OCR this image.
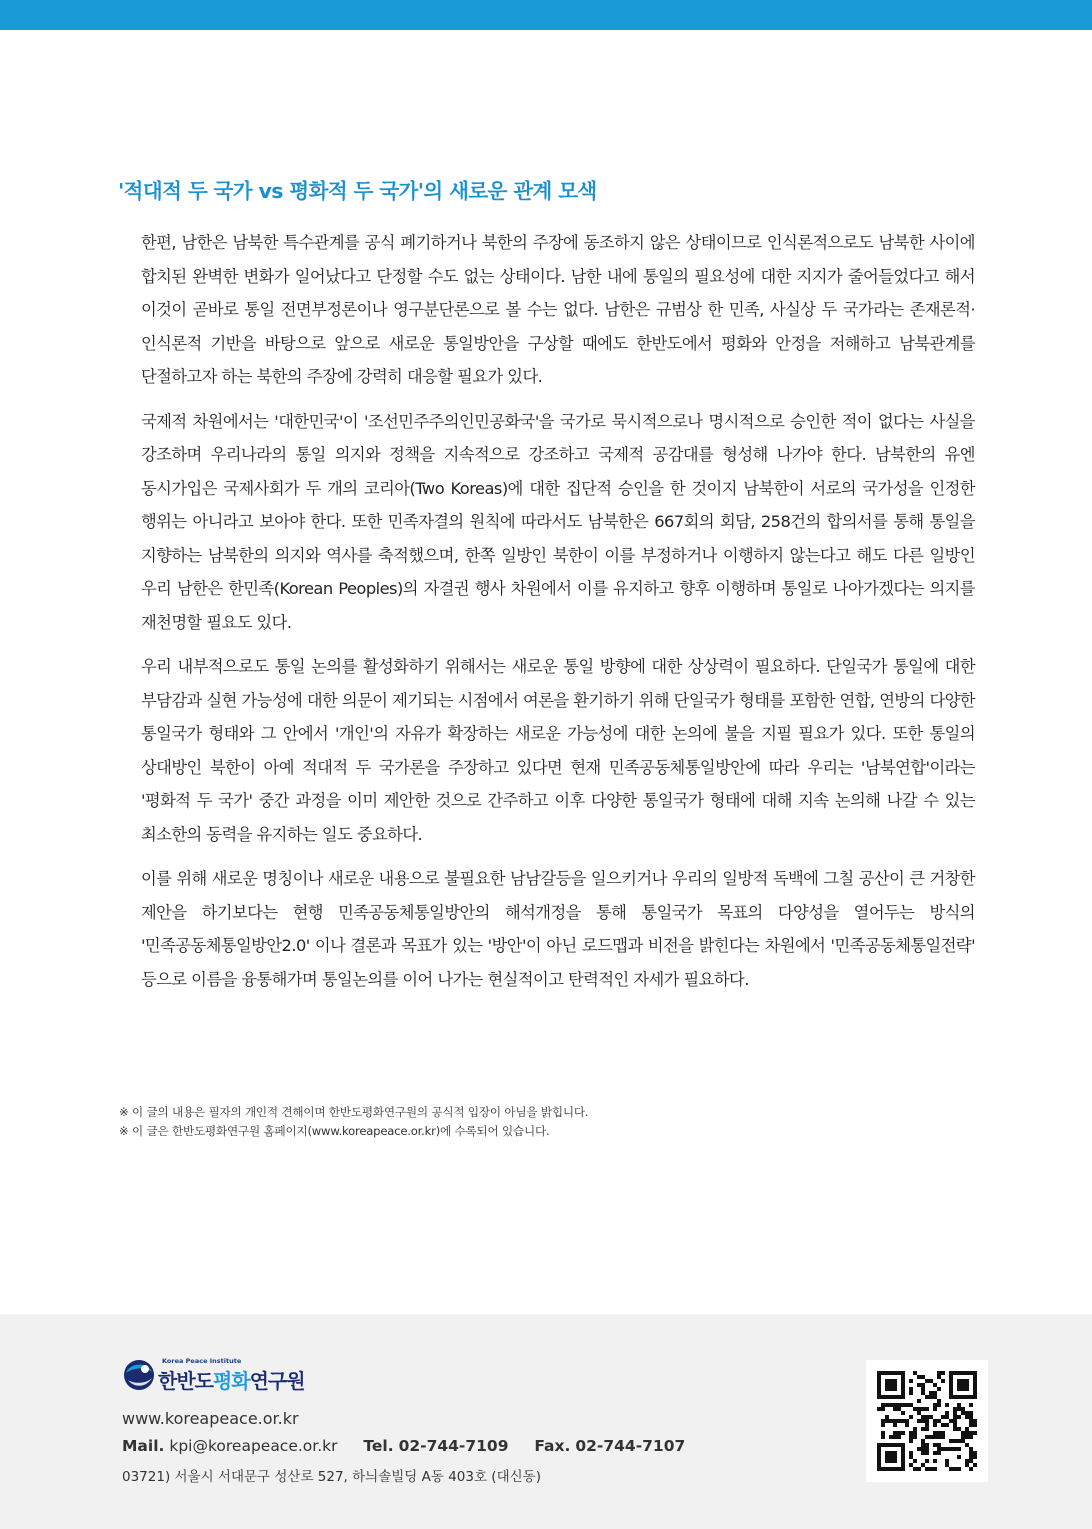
'적대적 두 국가 vs 평화적 두 국가'의 새로운 관계 모색

한편, 남한은 남북한 특수관계를 공식 폐기하거나 북한의 주장에 동조하지 않은 상태이므로 인식론적으로도 남북한 사이에 합치된 완벽한 변화가 일어났다고 단정할 수도 없는 상태이다. 남한 내에 통일의 필요성에 대한 지지가 줄어들었다고 해서 이것이 곧바로 통일 전면부정론이나 영구분단론으로 볼 수는 없다. 남한은 규범상 한 민족, 사실상 두 국가라는 존재론적·인식론적 기반을 바탕으로 앞으로 새로운 통일방안을 구상할 때에도 한반도에서 평화와 안정을 저해하고 남북관계를 단절하고자 하는 북한의 주장에 강력히 대응할 필요가 있다.

국제적 차원에서는 '대한민국'이 '조선민주주의인민공화국'을 국가로 묵시적으로나 명시적으로 승인한 적이 없다는 사실을 강조하며 우리나라의 통일 의지와 정책을 지속적으로 강조하고 국제적 공감대를 형성해 나가야 한다. 남북한의 유엔 동시가입은 국제사회가 두 개의 코리아(Two Koreas)에 대한 집단적 승인을 한 것이지 남북한이 서로의 국가성을 인정한 행위는 아니라고 보아야 한다. 또한 민족자결의 원칙에 따라서도 남북한은 667회의 회담, 258건의 합의서를 통해 통일을 지향하는 남북한의 의지와 역사를 축적했으며, 한쪽 일방인 북한이 이를 부정하거나 이행하지 않는다고 해도 다른 일방인 우리 남한은 한민족(Korean Peoples)의 자결권 행사 차원에서 이를 유지하고 향후 이행하며 통일로 나아가겠다는 의지를 재천명할 필요도 있다.

우리 내부적으로도 통일 논의를 활성화하기 위해서는 새로운 통일 방향에 대한 상상력이 필요하다. 단일국가 통일에 대한 부담감과 실현 가능성에 대한 의문이 제기되는 시점에서 여론을 환기하기 위해 단일국가 형태를 포함한 연합, 연방의 다양한 통일국가 형태와 그 안에서 '개인'의 자유가 확장하는 새로운 가능성에 대한 논의에 불을 지필 필요가 있다. 또한 통일의 상대방인 북한이 아예 적대적 두 국가론을 주장하고 있다면 현재 민족공동체통일방안에 따라 우리는 '남북연합'이라는 '평화적 두 국가' 중간 과정을 이미 제안한 것으로 간주하고 이후 다양한 통일국가 형태에 대해 지속 논의해 나갈 수 있는 최소한의 동력을 유지하는 일도 중요하다.

이를 위해 새로운 명칭이나 새로운 내용으로 불필요한 남남갈등을 일으키거나 우리의 일방적 독백에 그칠 공산이 큰 거창한 제안을 하기보다는 현행 민족공동체통일방안의 해석개정을 통해 통일국가 목표의 다양성을 열어두는 방식의 '민족공동체통일방안2.0' 이나 결론과 목표가 있는 '방안'이 아닌 로드맵과 비전을 밝힌다는 차원에서 '민족공동체통일전략' 등으로 이름을 융통해가며 통일논의를 이어 나가는 현실적이고 탄력적인 자세가 필요하다.

※ 이 글의 내용은 필자의 개인적 견해이며 한반도평화연구원의 공식적 입장이 아님을 밝힙니다.
※ 이 글은 한반도평화연구원 홈페이지(www.koreapeace.or.kr)에 수록되어 있습니다.
Korea Peace Institute
한반도평화연구원
www.koreapeace.or.kr
Mail. kpi@koreapeace.or.kr Tel. 02-744-7109 Fax. 02-744-7107
03721) 서울시 서대문구 성산로 527, 하늬솔빌딩 A동 403호 (대신동)
